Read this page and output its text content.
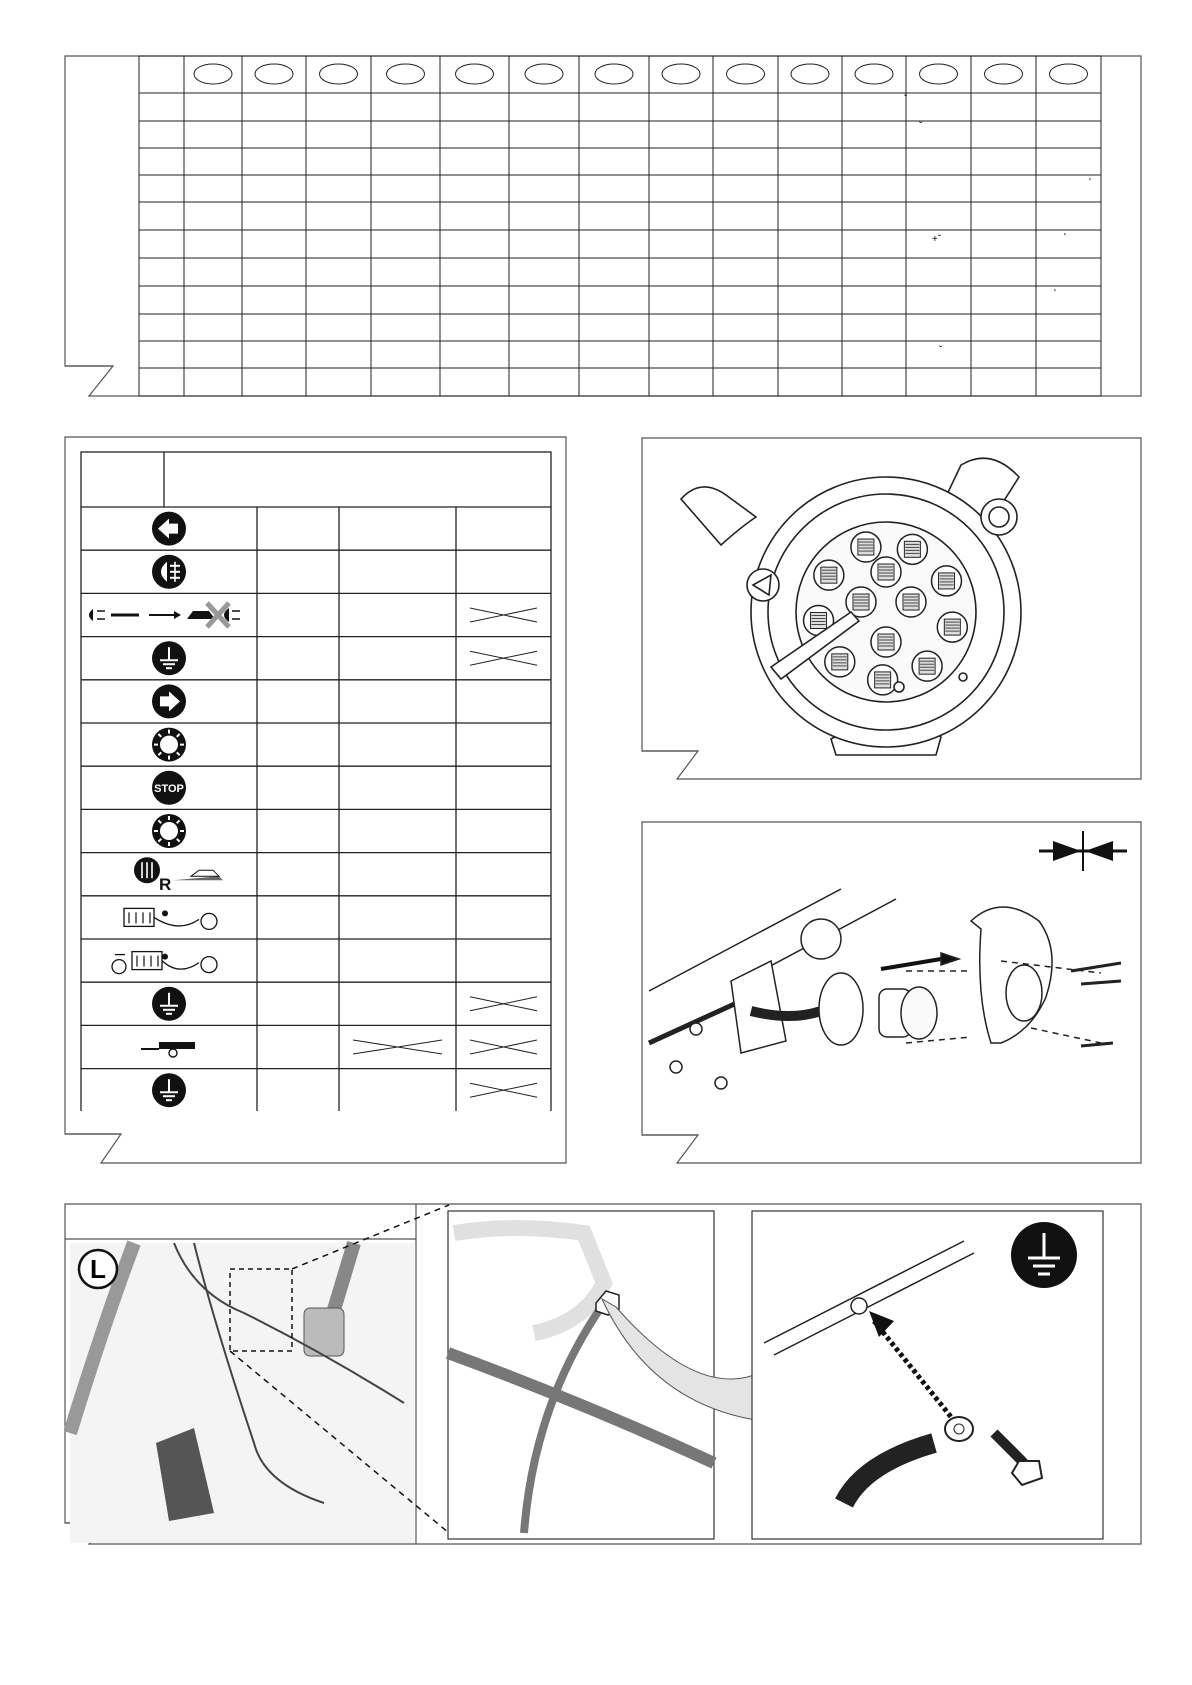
ˇ
ˇ
'
+ˇ	'
'
ˇ
STOP
R
L
